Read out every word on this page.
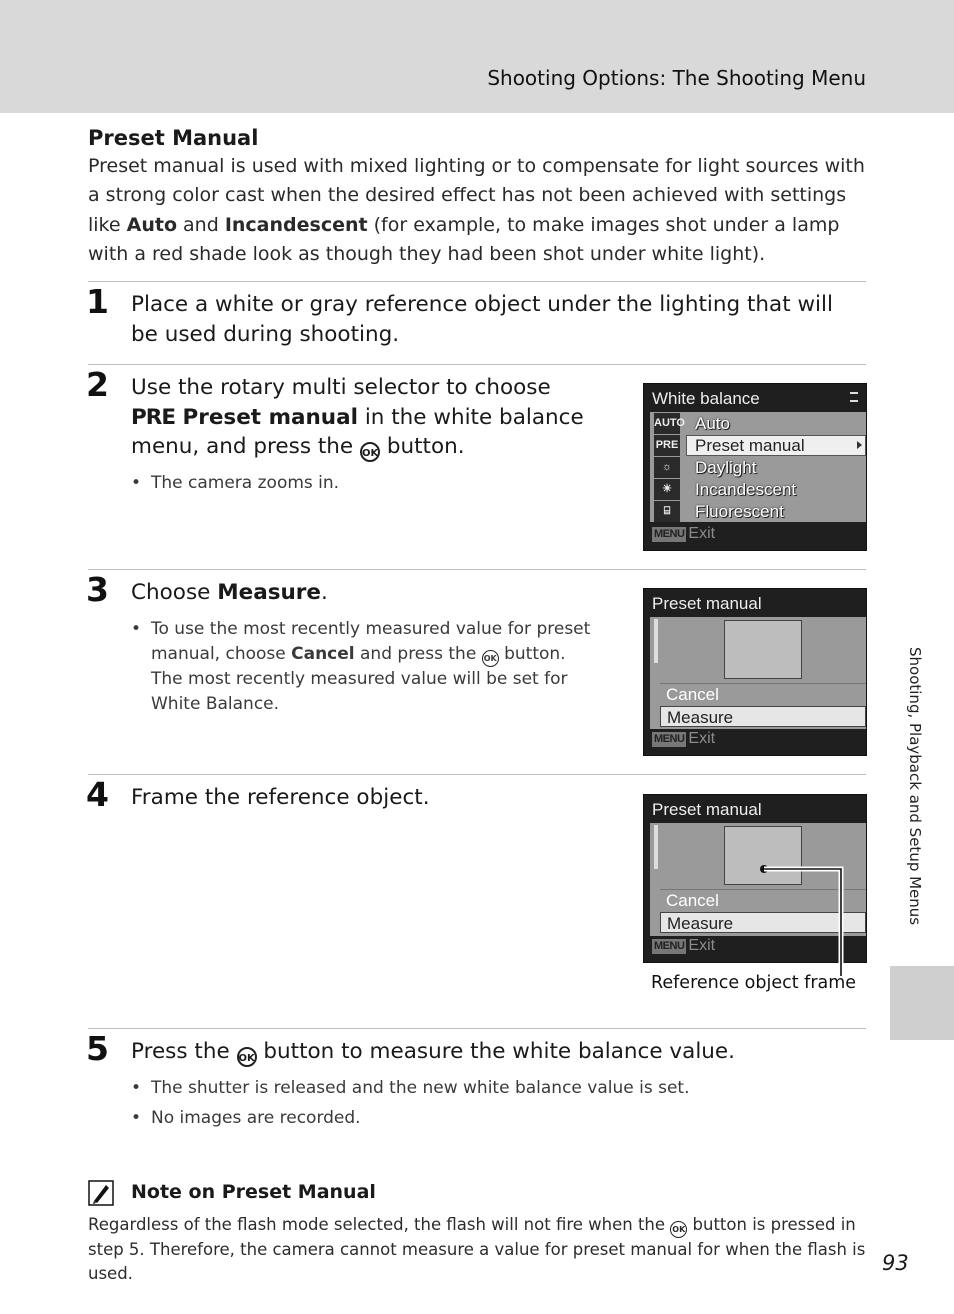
Shooting Options: The Shooting Menu
Preset Manual
Preset manual is used with mixed lighting or to compensate for light sources with a strong color cast when the desired effect has not been achieved with settings like Auto and Incandescent (for example, to make images shot under a lamp with a red shade look as though they had been shot under white light).
1 Place a white or gray reference object under the lighting that will be used during shooting.
2 Use the rotary multi selector to choose
PRE Preset manual in the white balance menu, and press the OK button.
• The camera zooms in.
White balance
AUTO Auto
PRE Preset manual
☼	Daylight
☀	Incandescent
⌸	Fluorescent
MENU Exit
3 Choose Measure.
• To use the most recently measured value for preset manual, choose Cancel and press the OK button. The most recently measured value will be set for White Balance.
Preset manual
Cancel
Measure
MENU Exit
4 Frame the reference object.	Preset manual
Cancel
Measure
MENU Exit
Reference object frame
5 Press the OK button to measure the white balance value.
• The shutter is released and the new white balance value is set.
• No images are recorded.
Note on Preset Manual
Regardless of the flash mode selected, the flash will not fire when the OK button is pressed in step 5. Therefore, the camera cannot measure a value for preset manual for when the flash is used.
Shooting, Playback and Setup Menus
93
